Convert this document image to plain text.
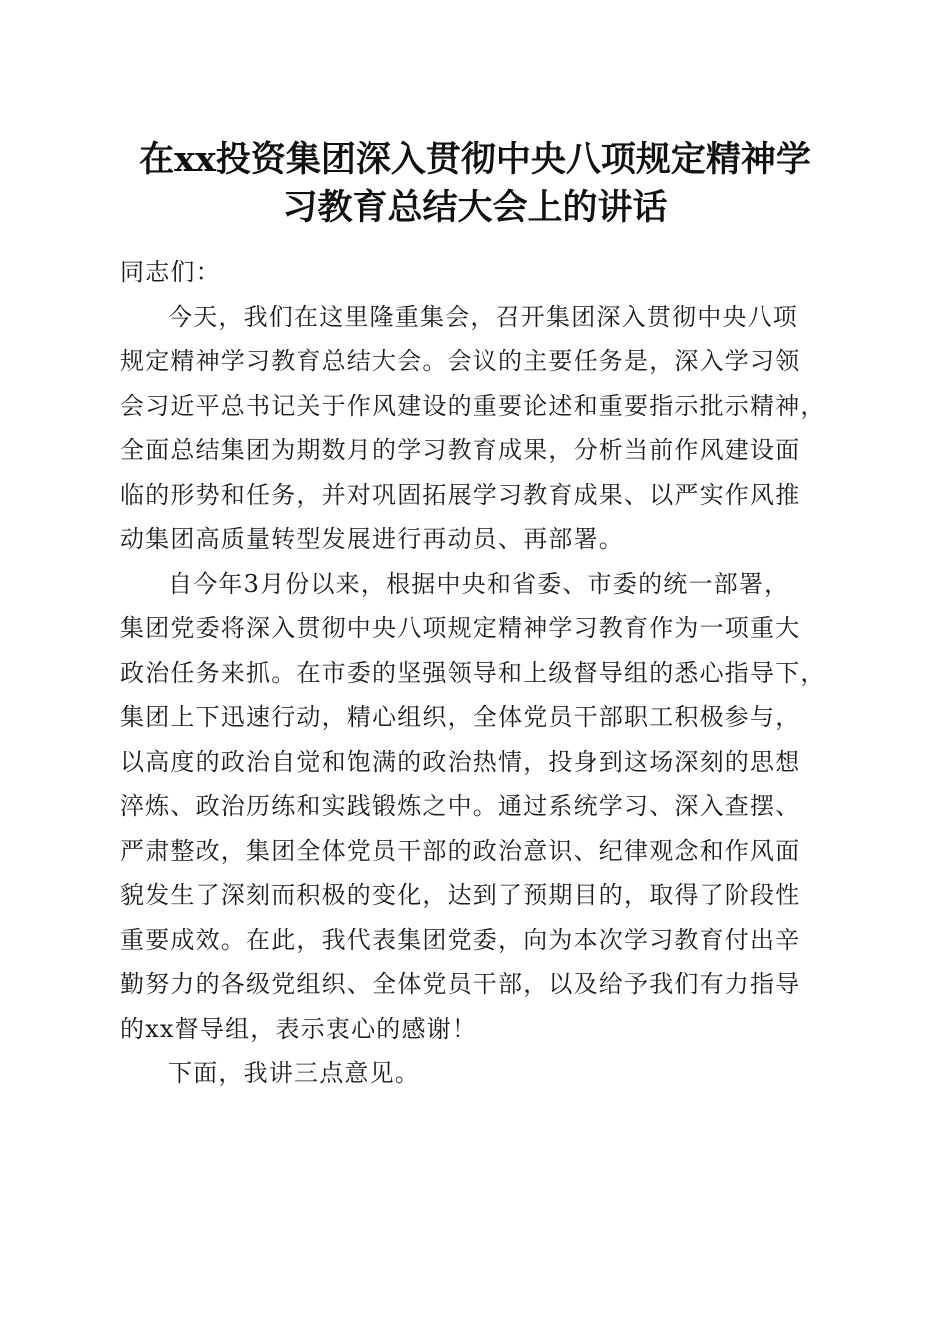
在xx投资集团深入贯彻中央八项规定精神学
习教育总结大会上的讲话
同志们：
今天，我们在这里隆重集会，召开集团深入贯彻中央八项
规定精神学习教育总结大会。会议的主要任务是，深入学习领
会习近平总书记关于作风建设的重要论述和重要指示批示精神，
全面总结集团为期数月的学习教育成果，分析当前作风建设面
临的形势和任务，并对巩固拓展学习教育成果、以严实作风推
动集团高质量转型发展进行再动员、再部署。
自今年3月份以来，根据中央和省委、市委的统一部署，
集团党委将深入贯彻中央八项规定精神学习教育作为一项重大
政治任务来抓。在市委的坚强领导和上级督导组的悉心指导下，
集团上下迅速行动，精心组织，全体党员干部职工积极参与，
以高度的政治自觉和饱满的政治热情，投身到这场深刻的思想
淬炼、政治历练和实践锻炼之中。通过系统学习、深入查摆、
严肃整改，集团全体党员干部的政治意识、纪律观念和作风面
貌发生了深刻而积极的变化，达到了预期目的，取得了阶段性
重要成效。在此，我代表集团党委，向为本次学习教育付出辛
勤努力的各级党组织、全体党员干部，以及给予我们有力指导
的xx督导组，表示衷心的感谢！
下面，我讲三点意见。
